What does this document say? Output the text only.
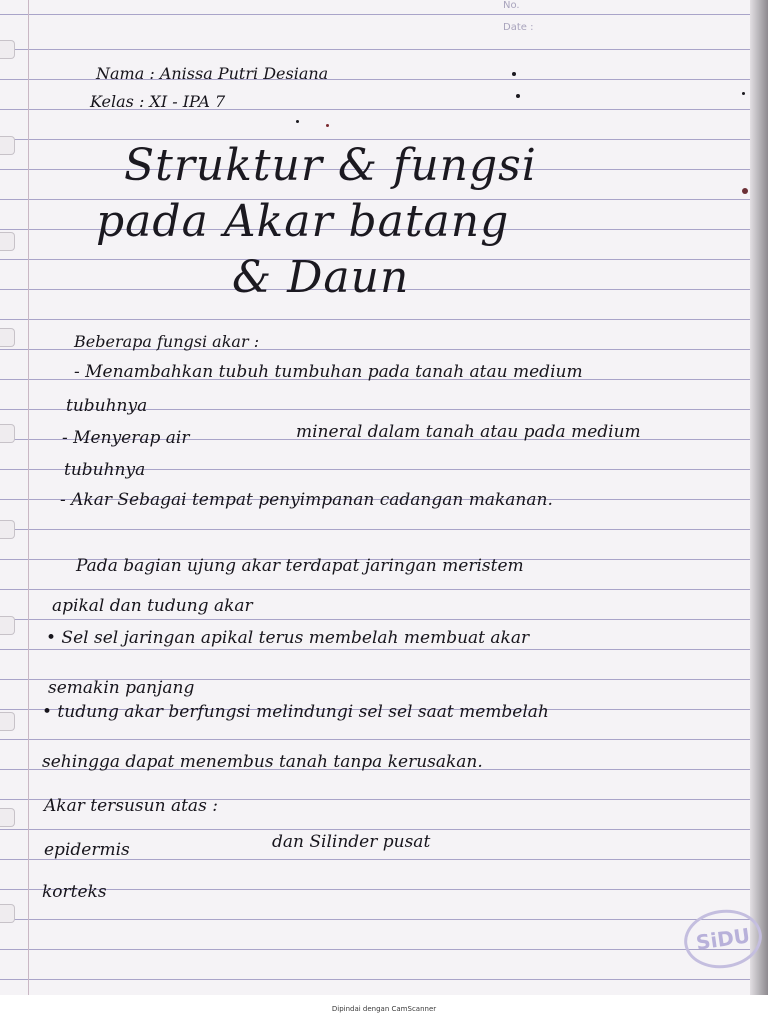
No.
Date :
Nama : Anissa Putri Desiana
Kelas : XI - IPA 7
Struktur & fungsi
pada Akar batang
& Daun
Beberapa fungsi akar :
- Menambahkan tubuh tumbuhan pada tanah atau medium
tubuhnya
- Menyerap air	mineral dalam tanah atau pada medium
tubuhnya
- Akar Sebagai tempat penyimpanan cadangan makanan.
Pada bagian ujung akar terdapat jaringan meristem
apikal dan tudung akar
• Sel sel jaringan apikal terus membelah membuat akar
semakin panjang
• tudung akar berfungsi melindungi sel sel saat membelah
sehingga dapat menembus tanah tanpa kerusakan.
Akar tersusun atas :
epidermis	dan Silinder pusat
korteks
SiDU
Dipindai dengan CamScanner
